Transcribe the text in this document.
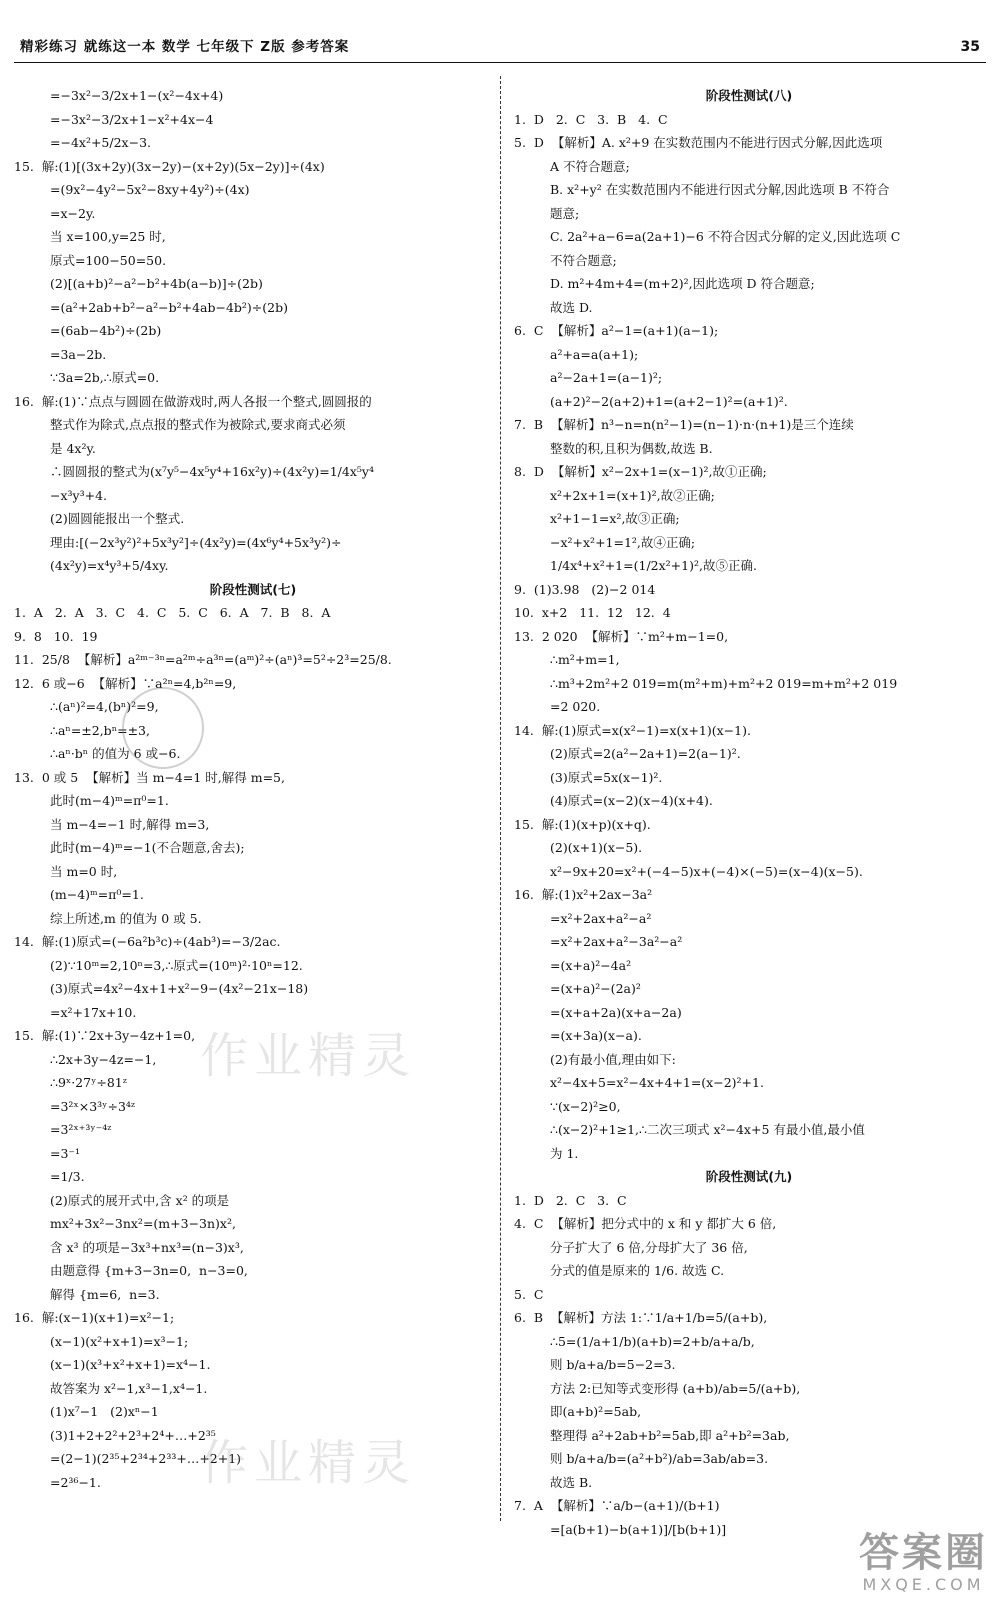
精彩练习 就练这一本 数学 七年级下 Z版 参考答案	35
=−3x²−3/2x+1−(x²−4x+4)
=−3x²−3/2x+1−x²+4x−4
=−4x²+5/2x−3.
15.  解:(1)[(3x+2y)(3x−2y)−(x+2y)(5x−2y)]÷(4x)
=(9x²−4y²−5x²−8xy+4y²)÷(4x)
=x−2y.
当 x=100,y=25 时,
原式=100−50=50.
(2)[(a+b)²−a²−b²+4b(a−b)]÷(2b)
=(a²+2ab+b²−a²−b²+4ab−4b²)÷(2b)
=(6ab−4b²)÷(2b)
=3a−2b.
∵3a=2b,∴原式=0.
16.  解:(1)∵点点与圆圆在做游戏时,两人各报一个整式,圆圆报的
整式作为除式,点点报的整式作为被除式,要求商式必须
是 4x²y.
∴圆圆报的整式为(x⁷y⁵−4x⁵y⁴+16x²y)÷(4x²y)=1/4x⁵y⁴
−x³y³+4.
(2)圆圆能报出一个整式.
理由:[(−2x³y²)²+5x³y²]÷(4x²y)=(4x⁶y⁴+5x³y²)÷
(4x²y)=x⁴y³+5/4xy.
阶段性测试(七)
1.  A   2.  A   3.  C   4.  C   5.  C   6.  A   7.  B   8.  A
9.  8   10.  19
11.  25/8  【解析】a²ᵐ⁻³ⁿ=a²ᵐ÷a³ⁿ=(aᵐ)²÷(aⁿ)³=5²÷2³=25/8.
12.  6 或−6  【解析】∵a²ⁿ=4,b²ⁿ=9,
∴(aⁿ)²=4,(bⁿ)²=9,
∴aⁿ=±2,bⁿ=±3,
∴aⁿ·bⁿ 的值为 6 或−6.
13.  0 或 5  【解析】当 m−4=1 时,解得 m=5,
此时(m−4)ᵐ=π⁰=1.
当 m−4=−1 时,解得 m=3,
此时(m−4)ᵐ=−1(不合题意,舍去);
当 m=0 时,
(m−4)ᵐ=π⁰=1.
综上所述,m 的值为 0 或 5.
14.  解:(1)原式=(−6a²b³c)÷(4ab³)=−3/2ac.
(2)∵10ᵐ=2,10ⁿ=3,∴原式=(10ᵐ)²·10ⁿ=12.
(3)原式=4x²−4x+1+x²−9−(4x²−21x−18)
=x²+17x+10.
15.  解:(1)∵2x+3y−4z+1=0,
∴2x+3y−4z=−1,
∴9ˣ·27ʸ÷81ᶻ
=3²ˣ×3³ʸ÷3⁴ᶻ
=3²ˣ⁺³ʸ⁻⁴ᶻ
=3⁻¹
=1/3.
(2)原式的展开式中,含 x² 的项是
mx²+3x²−3nx²=(m+3−3n)x²,
含 x³ 的项是−3x³+nx³=(n−3)x³,
由题意得 {m+3−3n=0,  n−3=0,
解得 {m=6,  n=3.
16.  解:(x−1)(x+1)=x²−1;
(x−1)(x²+x+1)=x³−1;
(x−1)(x³+x²+x+1)=x⁴−1.
故答案为 x²−1,x³−1,x⁴−1.
(1)x⁷−1   (2)xⁿ−1
(3)1+2+2²+2³+2⁴+…+2³⁵
=(2−1)(2³⁵+2³⁴+2³³+…+2+1)
=2³⁶−1.
阶段性测试(八)
1.  D   2.  C   3.  B   4.  C
5.  D  【解析】A. x²+9 在实数范围内不能进行因式分解,因此选项
A 不符合题意;
B. x²+y² 在实数范围内不能进行因式分解,因此选项 B 不符合
题意;
C. 2a²+a−6=a(2a+1)−6 不符合因式分解的定义,因此选项 C
不符合题意;
D. m²+4m+4=(m+2)²,因此选项 D 符合题意;
故选 D.
6.  C  【解析】a²−1=(a+1)(a−1);
a²+a=a(a+1);
a²−2a+1=(a−1)²;
(a+2)²−2(a+2)+1=(a+2−1)²=(a+1)².
7.  B  【解析】n³−n=n(n²−1)=(n−1)·n·(n+1)是三个连续
整数的积,且积为偶数,故选 B.
8.  D  【解析】x²−2x+1=(x−1)²,故①正确;
x²+2x+1=(x+1)²,故②正确;
x²+1−1=x²,故③正确;
−x²+x²+1=1²,故④正确;
1/4x⁴+x²+1=(1/2x²+1)²,故⑤正确.
9.  (1)3.98   (2)−2 014
10.  x+2   11.  12   12.  4
13.  2 020  【解析】∵m²+m−1=0,
∴m²+m=1,
∴m³+2m²+2 019=m(m²+m)+m²+2 019=m+m²+2 019
=2 020.
14.  解:(1)原式=x(x²−1)=x(x+1)(x−1).
(2)原式=2(a²−2a+1)=2(a−1)².
(3)原式=5x(x−1)².
(4)原式=(x−2)(x−4)(x+4).
15.  解:(1)(x+p)(x+q).
(2)(x+1)(x−5).
x²−9x+20=x²+(−4−5)x+(−4)×(−5)=(x−4)(x−5).
16.  解:(1)x²+2ax−3a²
=x²+2ax+a²−a²
=x²+2ax+a²−3a²−a²
=(x+a)²−4a²
=(x+a)²−(2a)²
=(x+a+2a)(x+a−2a)
=(x+3a)(x−a).
(2)有最小值,理由如下:
x²−4x+5=x²−4x+4+1=(x−2)²+1.
∵(x−2)²≥0,
∴(x−2)²+1≥1,∴二次三项式 x²−4x+5 有最小值,最小值
为 1.
阶段性测试(九)
1.  D   2.  C   3.  C
4.  C  【解析】把分式中的 x 和 y 都扩大 6 倍,
分子扩大了 6 倍,分母扩大了 36 倍,
分式的值是原来的 1/6. 故选 C.
5.  C
6.  B  【解析】方法 1:∵1/a+1/b=5/(a+b),
∴5=(1/a+1/b)(a+b)=2+b/a+a/b,
则 b/a+a/b=5−2=3.
方法 2:已知等式变形得 (a+b)/ab=5/(a+b),
即(a+b)²=5ab,
整理得 a²+2ab+b²=5ab,即 a²+b²=3ab,
则 b/a+a/b=(a²+b²)/ab=3ab/ab=3.
故选 B.
7.  A  【解析】∵a/b−(a+1)/(b+1)
=[a(b+1)−b(a+1)]/[b(b+1)]
作业精灵
作业精灵
答案圈
MXQE.COM
